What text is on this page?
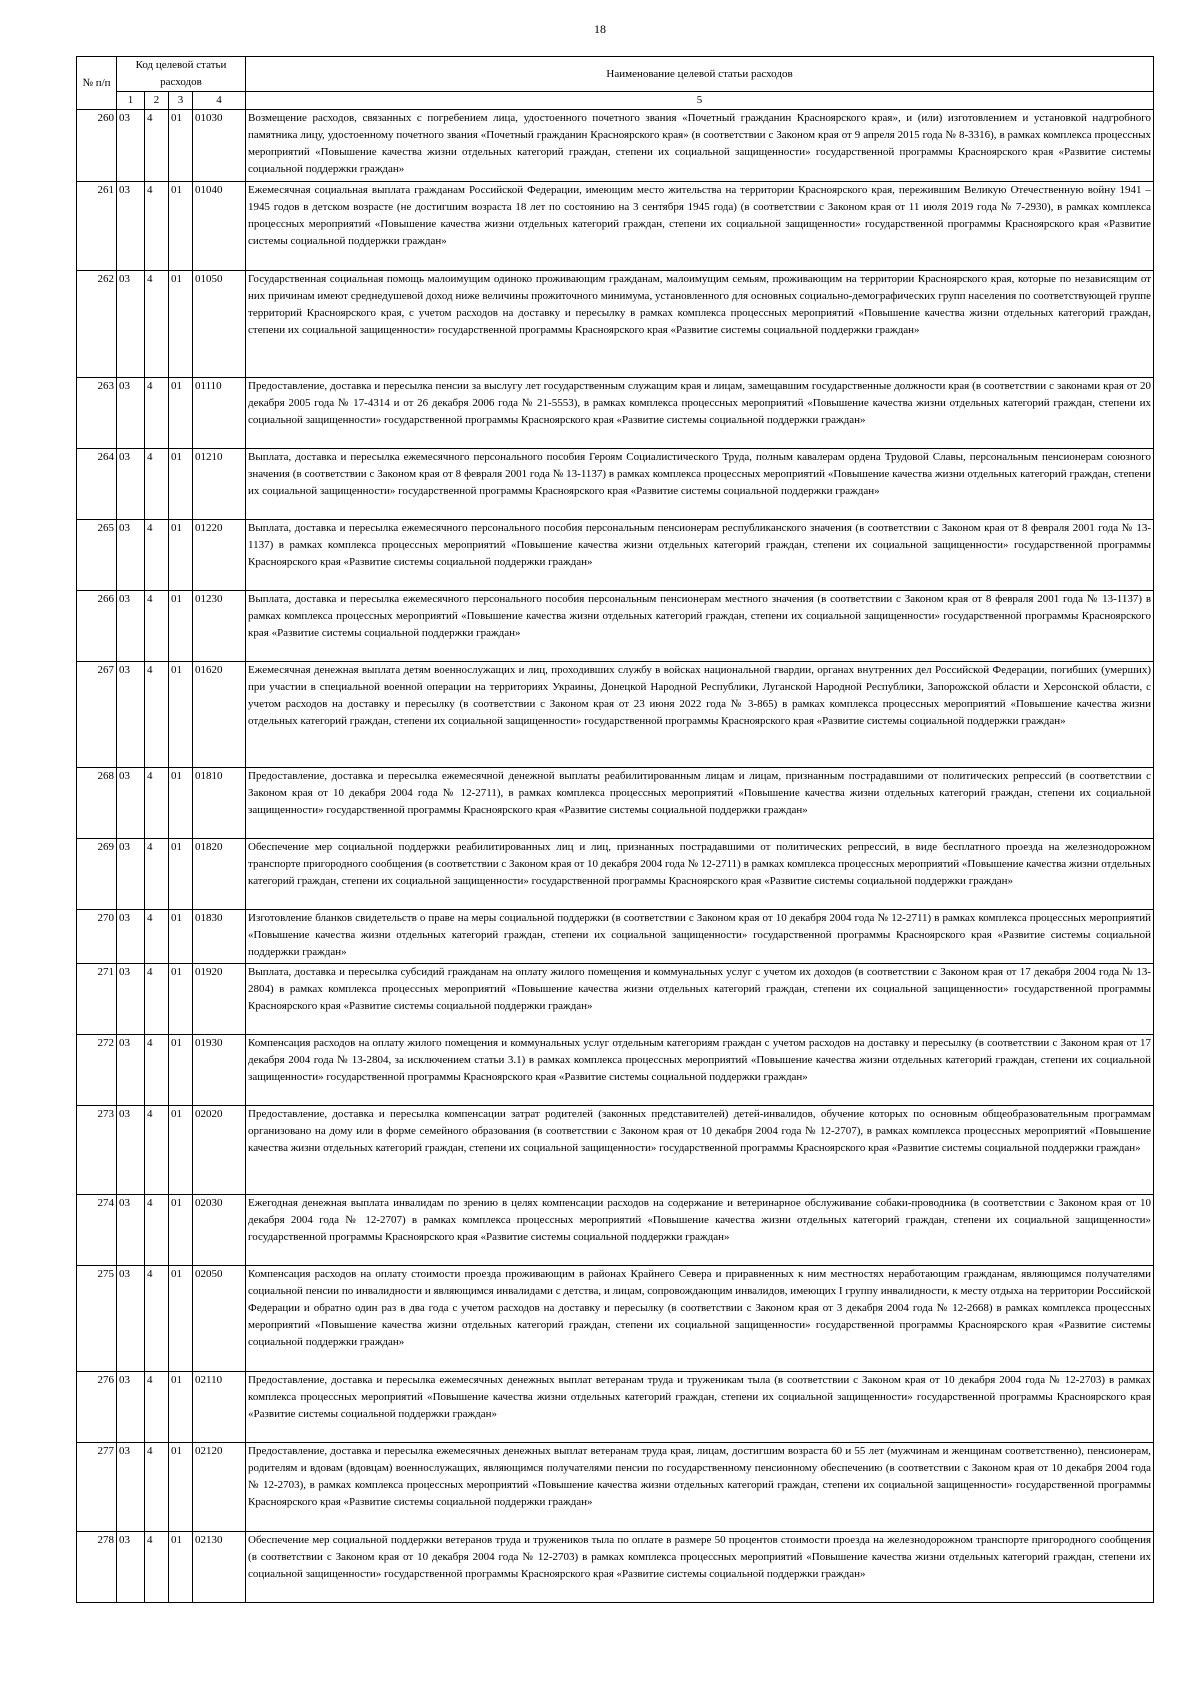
18
№ п/п	Код целевой статьи расходов				Наименование целевой статьи расходов
	1	2	3	4	5
260	03	4	01	01030	Возмещение расходов, связанных с погребением лица, удостоенного почетного звания «Почетный гражданин Красноярского края», и (или) изготовлением и установкой надгробного памятника лицу, удостоенному почетного звания «Почетный гражданин Красноярского края» (в соответствии с Законом края от 9 апреля 2015 года № 8-3316), в рамках комплекса процессных мероприятий «Повышение качества жизни отдельных категорий граждан, степени их социальной защищенности» государственной программы Красноярского края «Развитие системы социальной поддержки граждан»
261	03	4	01	01040	Ежемесячная социальная выплата гражданам Российской Федерации, имеющим место жительства на территории Красноярского края, пережившим Великую Отечественную войну 1941 – 1945 годов в детском возрасте (не достигшим возраста 18 лет по состоянию на 3 сентября 1945 года) (в соответствии с Законом края от 11 июля 2019 года № 7-2930), в рамках комплекса процессных мероприятий «Повышение качества жизни отдельных категорий граждан, степени их социальной защищенности» государственной программы Красноярского края «Развитие системы социальной поддержки граждан»
262	03	4	01	01050	Государственная социальная помощь малоимущим одиноко проживающим гражданам, малоимущим семьям, проживающим на территории Красноярского края, которые по независящим от них причинам имеют среднедушевой доход ниже величины прожиточного минимума, установленного для основных социально-демографических групп населения по соответствующей группе территорий Красноярского края, с учетом расходов на доставку и пересылку в рамках комплекса процессных мероприятий «Повышение качества жизни отдельных категорий граждан, степени их социальной защищенности» государственной программы Красноярского края «Развитие системы социальной поддержки граждан»
263	03	4	01	01110	Предоставление, доставка и пересылка пенсии за выслугу лет государственным служащим края и лицам, замещавшим государственные должности края (в соответствии с законами края от 20 декабря 2005 года № 17-4314 и от 26 декабря 2006 года № 21-5553), в рамках комплекса процессных мероприятий «Повышение качества жизни отдельных категорий граждан, степени их социальной защищенности» государственной программы Красноярского края «Развитие системы социальной поддержки граждан»
264	03	4	01	01210	Выплата, доставка и пересылка ежемесячного персонального пособия Героям Социалистического Труда, полным кавалерам ордена Трудовой Славы, персональным пенсионерам союзного значения (в соответствии с Законом края от 8 февраля 2001 года № 13-1137) в рамках комплекса процессных мероприятий «Повышение качества жизни отдельных категорий граждан, степени их социальной защищенности» государственной программы Красноярского края «Развитие системы социальной поддержки граждан»
265	03	4	01	01220	Выплата, доставка и пересылка ежемесячного персонального пособия персональным пенсионерам республиканского значения (в соответствии с Законом края от 8 февраля 2001 года № 13-1137) в рамках комплекса процессных мероприятий «Повышение качества жизни отдельных категорий граждан, степени их социальной защищенности» государственной программы Красноярского края «Развитие системы социальной поддержки граждан»
266	03	4	01	01230	Выплата, доставка и пересылка ежемесячного персонального пособия персональным пенсионерам местного значения (в соответствии с Законом края от 8 февраля 2001 года № 13-1137) в рамках комплекса процессных мероприятий «Повышение качества жизни отдельных категорий граждан, степени их социальной защищенности» государственной программы Красноярского края «Развитие системы социальной поддержки граждан»
267	03	4	01	01620	Ежемесячная денежная выплата детям военнослужащих и лиц, проходивших службу в войсках национальной гвардии, органах внутренних дел Российской Федерации, погибших (умерших) при участии в специальной военной операции на территориях Украины, Донецкой Народной Республики, Луганской Народной Республики, Запорожской области и Херсонской области, с учетом расходов на доставку и пересылку (в соответствии с Законом края от 23 июня 2022 года № 3-865) в рамках комплекса процессных мероприятий «Повышение качества жизни отдельных категорий граждан, степени их социальной защищенности» государственной программы Красноярского края «Развитие системы социальной поддержки граждан»
268	03	4	01	01810	Предоставление, доставка и пересылка ежемесячной денежной выплаты реабилитированным лицам и лицам, признанным пострадавшими от политических репрессий (в соответствии с Законом края от 10 декабря 2004 года № 12-2711), в рамках комплекса процессных мероприятий «Повышение качества жизни отдельных категорий граждан, степени их социальной защищенности» государственной программы Красноярского края «Развитие системы социальной поддержки граждан»
269	03	4	01	01820	Обеспечение мер социальной поддержки реабилитированных лиц и лиц, признанных пострадавшими от политических репрессий, в виде бесплатного проезда на железнодорожном транспорте пригородного сообщения (в соответствии с Законом края от 10 декабря 2004 года № 12-2711) в рамках комплекса процессных мероприятий «Повышение качества жизни отдельных категорий граждан, степени их социальной защищенности» государственной программы Красноярского края «Развитие системы социальной поддержки граждан»
270	03	4	01	01830	Изготовление бланков свидетельств о праве на меры социальной поддержки (в соответствии с Законом края от 10 декабря 2004 года № 12-2711) в рамках комплекса процессных мероприятий «Повышение качества жизни отдельных категорий граждан, степени их социальной защищенности» государственной программы Красноярского края «Развитие системы социальной поддержки граждан»
271	03	4	01	01920	Выплата, доставка и пересылка субсидий гражданам на оплату жилого помещения и коммунальных услуг с учетом их доходов (в соответствии с Законом края от 17 декабря 2004 года № 13-2804) в рамках комплекса процессных мероприятий «Повышение качества жизни отдельных категорий граждан, степени их социальной защищенности» государственной программы Красноярского края «Развитие системы социальной поддержки граждан»
272	03	4	01	01930	Компенсация расходов на оплату жилого помещения и коммунальных услуг отдельным категориям граждан с учетом расходов на доставку и пересылку (в соответствии с Законом края от 17 декабря 2004 года № 13-2804, за исключением статьи 3.1) в рамках комплекса процессных мероприятий «Повышение качества жизни отдельных категорий граждан, степени их социальной защищенности» государственной программы Красноярского края «Развитие системы социальной поддержки граждан»
273	03	4	01	02020	Предоставление, доставка и пересылка компенсации затрат родителей (законных представителей) детей-инвалидов, обучение которых по основным общеобразовательным программам организовано на дому или в форме семейного образования (в соответствии с Законом края от 10 декабря 2004 года № 12-2707), в рамках комплекса процессных мероприятий «Повышение качества жизни отдельных категорий граждан, степени их социальной защищенности» государственной программы Красноярского края «Развитие системы социальной поддержки граждан»
274	03	4	01	02030	Ежегодная денежная выплата инвалидам по зрению в целях компенсации расходов на содержание и ветеринарное обслуживание собаки-проводника (в соответствии с Законом края от 10 декабря 2004 года № 12-2707) в рамках комплекса процессных мероприятий «Повышение качества жизни отдельных категорий граждан, степени их социальной защищенности» государственной программы Красноярского края «Развитие системы социальной поддержки граждан»
275	03	4	01	02050	Компенсация расходов на оплату стоимости проезда проживающим в районах Крайнего Севера и приравненных к ним местностях неработающим гражданам, являющимся получателями социальной пенсии по инвалидности и являющимся инвалидами с детства, и лицам, сопровождающим инвалидов, имеющих I группу инвалидности, к месту отдыха на территории Российской Федерации и обратно один раз в два года с учетом расходов на доставку и пересылку (в соответствии с Законом края от 3 декабря 2004 года № 12-2668) в рамках комплекса процессных мероприятий «Повышение качества жизни отдельных категорий граждан, степени их социальной защищенности» государственной программы Красноярского края «Развитие системы социальной поддержки граждан»
276	03	4	01	02110	Предоставление, доставка и пересылка ежемесячных денежных выплат ветеранам труда и труженикам тыла (в соответствии с Законом края от 10 декабря 2004 года № 12-2703) в рамках комплекса процессных мероприятий «Повышение качества жизни отдельных категорий граждан, степени их социальной защищенности» государственной программы Красноярского края «Развитие системы социальной поддержки граждан»
277	03	4	01	02120	Предоставление, доставка и пересылка ежемесячных денежных выплат ветеранам труда края, лицам, достигшим возраста 60 и 55 лет (мужчинам и женщинам соответственно), пенсионерам, родителям и вдовам (вдовцам) военнослужащих, являющимся получателями пенсии по государственному пенсионному обеспечению (в соответствии с Законом края от 10 декабря 2004 года № 12-2703), в рамках комплекса процессных мероприятий «Повышение качества жизни отдельных категорий граждан, степени их социальной защищенности» государственной программы Красноярского края «Развитие системы социальной поддержки граждан»
278	03	4	01	02130	Обеспечение мер социальной поддержки ветеранов труда и тружеников тыла по оплате в размере 50 процентов стоимости проезда на железнодорожном транспорте пригородного сообщения (в соответствии с Законом края от 10 декабря 2004 года № 12-2703) в рамках комплекса процессных мероприятий «Повышение качества жизни отдельных категорий граждан, степени их социальной защищенности» государственной программы Красноярского края «Развитие системы социальной поддержки граждан»
